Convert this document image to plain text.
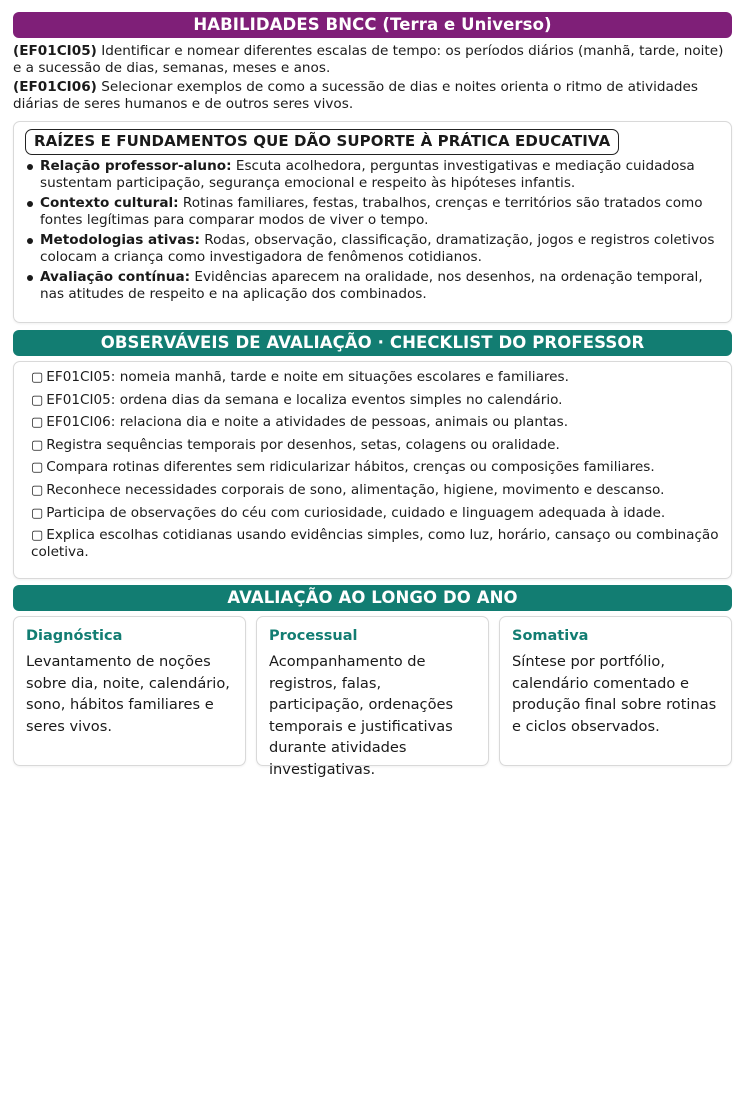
HABILIDADES BNCC (Terra e Universo)

(EF01CI05) Identificar e nomear diferentes escalas de tempo: os períodos diários (manhã, tarde, noite) e a sucessão de dias, semanas, meses e anos.

(EF01CI06) Selecionar exemplos de como a sucessão de dias e noites orienta o ritmo de atividades diárias de seres humanos e de outros seres vivos.

RAÍZES E FUNDAMENTOS QUE DÃO SUPORTE À PRÁTICA EDUCATIVA
Relação professor-aluno: Escuta acolhedora, perguntas investigativas e mediação cuidadosa sustentam participação, segurança emocional e respeito às hipóteses infantis.
Contexto cultural: Rotinas familiares, festas, trabalhos, crenças e territórios são tratados como fontes legítimas para comparar modos de viver o tempo.
Metodologias ativas: Rodas, observação, classificação, dramatização, jogos e registros coletivos colocam a criança como investigadora de fenômenos cotidianos.
Avaliação contínua: Evidências aparecem na oralidade, nos desenhos, na ordenação temporal, nas atitudes de respeito e na aplicação dos combinados.
OBSERVÁVEIS DE AVALIAÇÃO · CHECKLIST DO PROFESSOR
▢ EF01CI05: nomeia manhã, tarde e noite em situações escolares e familiares.
▢ EF01CI05: ordena dias da semana e localiza eventos simples no calendário.
▢ EF01CI06: relaciona dia e noite a atividades de pessoas, animais ou plantas.
▢ Registra sequências temporais por desenhos, setas, colagens ou oralidade.
▢ Compara rotinas diferentes sem ridicularizar hábitos, crenças ou composições familiares.
▢ Reconhece necessidades corporais de sono, alimentação, higiene, movimento e descanso.
▢ Participa de observações do céu com curiosidade, cuidado e linguagem adequada à idade.
▢ Explica escolhas cotidianas usando evidências simples, como luz, horário, cansaço ou combinação coletiva.
AVALIAÇÃO AO LONGO DO ANO
Diagnóstica

Levantamento de noções sobre dia, noite, calendário, sono, hábitos familiares e seres vivos.

Processual

Acompanhamento de registros, falas, participação, ordenações temporais e justificativas durante atividades investigativas.

Somativa

Síntese por portfólio, calendário comentado e produção final sobre rotinas e ciclos observados.
